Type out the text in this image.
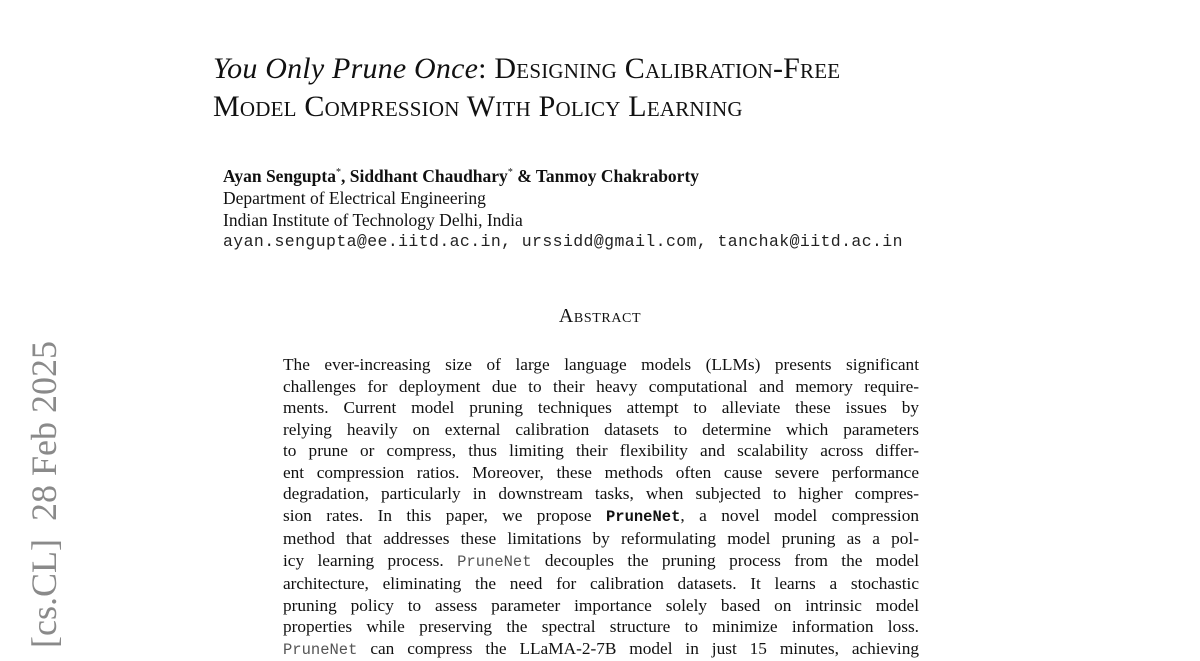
[cs.CL]28 Feb 2025
You Only Prune Once: Designing Calibration-Free
Model Compression With Policy Learning
Ayan Sengupta*, Siddhant Chaudhary* & Tanmoy Chakraborty
Department of Electrical Engineering
Indian Institute of Technology Delhi, India
ayan.sengupta@ee.iitd.ac.in, urssidd@gmail.com, tanchak@iitd.ac.in
Abstract
The ever-increasing size of large language models (LLMs) presents significant
challenges for deployment due to their heavy computational and memory require-
ments. Current model pruning techniques attempt to alleviate these issues by
relying heavily on external calibration datasets to determine which parameters
to prune or compress, thus limiting their flexibility and scalability across differ-
ent compression ratios. Moreover, these methods often cause severe performance
degradation, particularly in downstream tasks, when subjected to higher compres-
sion rates. In this paper, we propose PruneNet, a novel model compression
method that addresses these limitations by reformulating model pruning as a pol-
icy learning process. PruneNet decouples the pruning process from the model
architecture, eliminating the need for calibration datasets. It learns a stochastic
pruning policy to assess parameter importance solely based on intrinsic model
properties while preserving the spectral structure to minimize information loss.
PruneNet can compress the LLaMA-2-7B model in just 15 minutes, achieving
